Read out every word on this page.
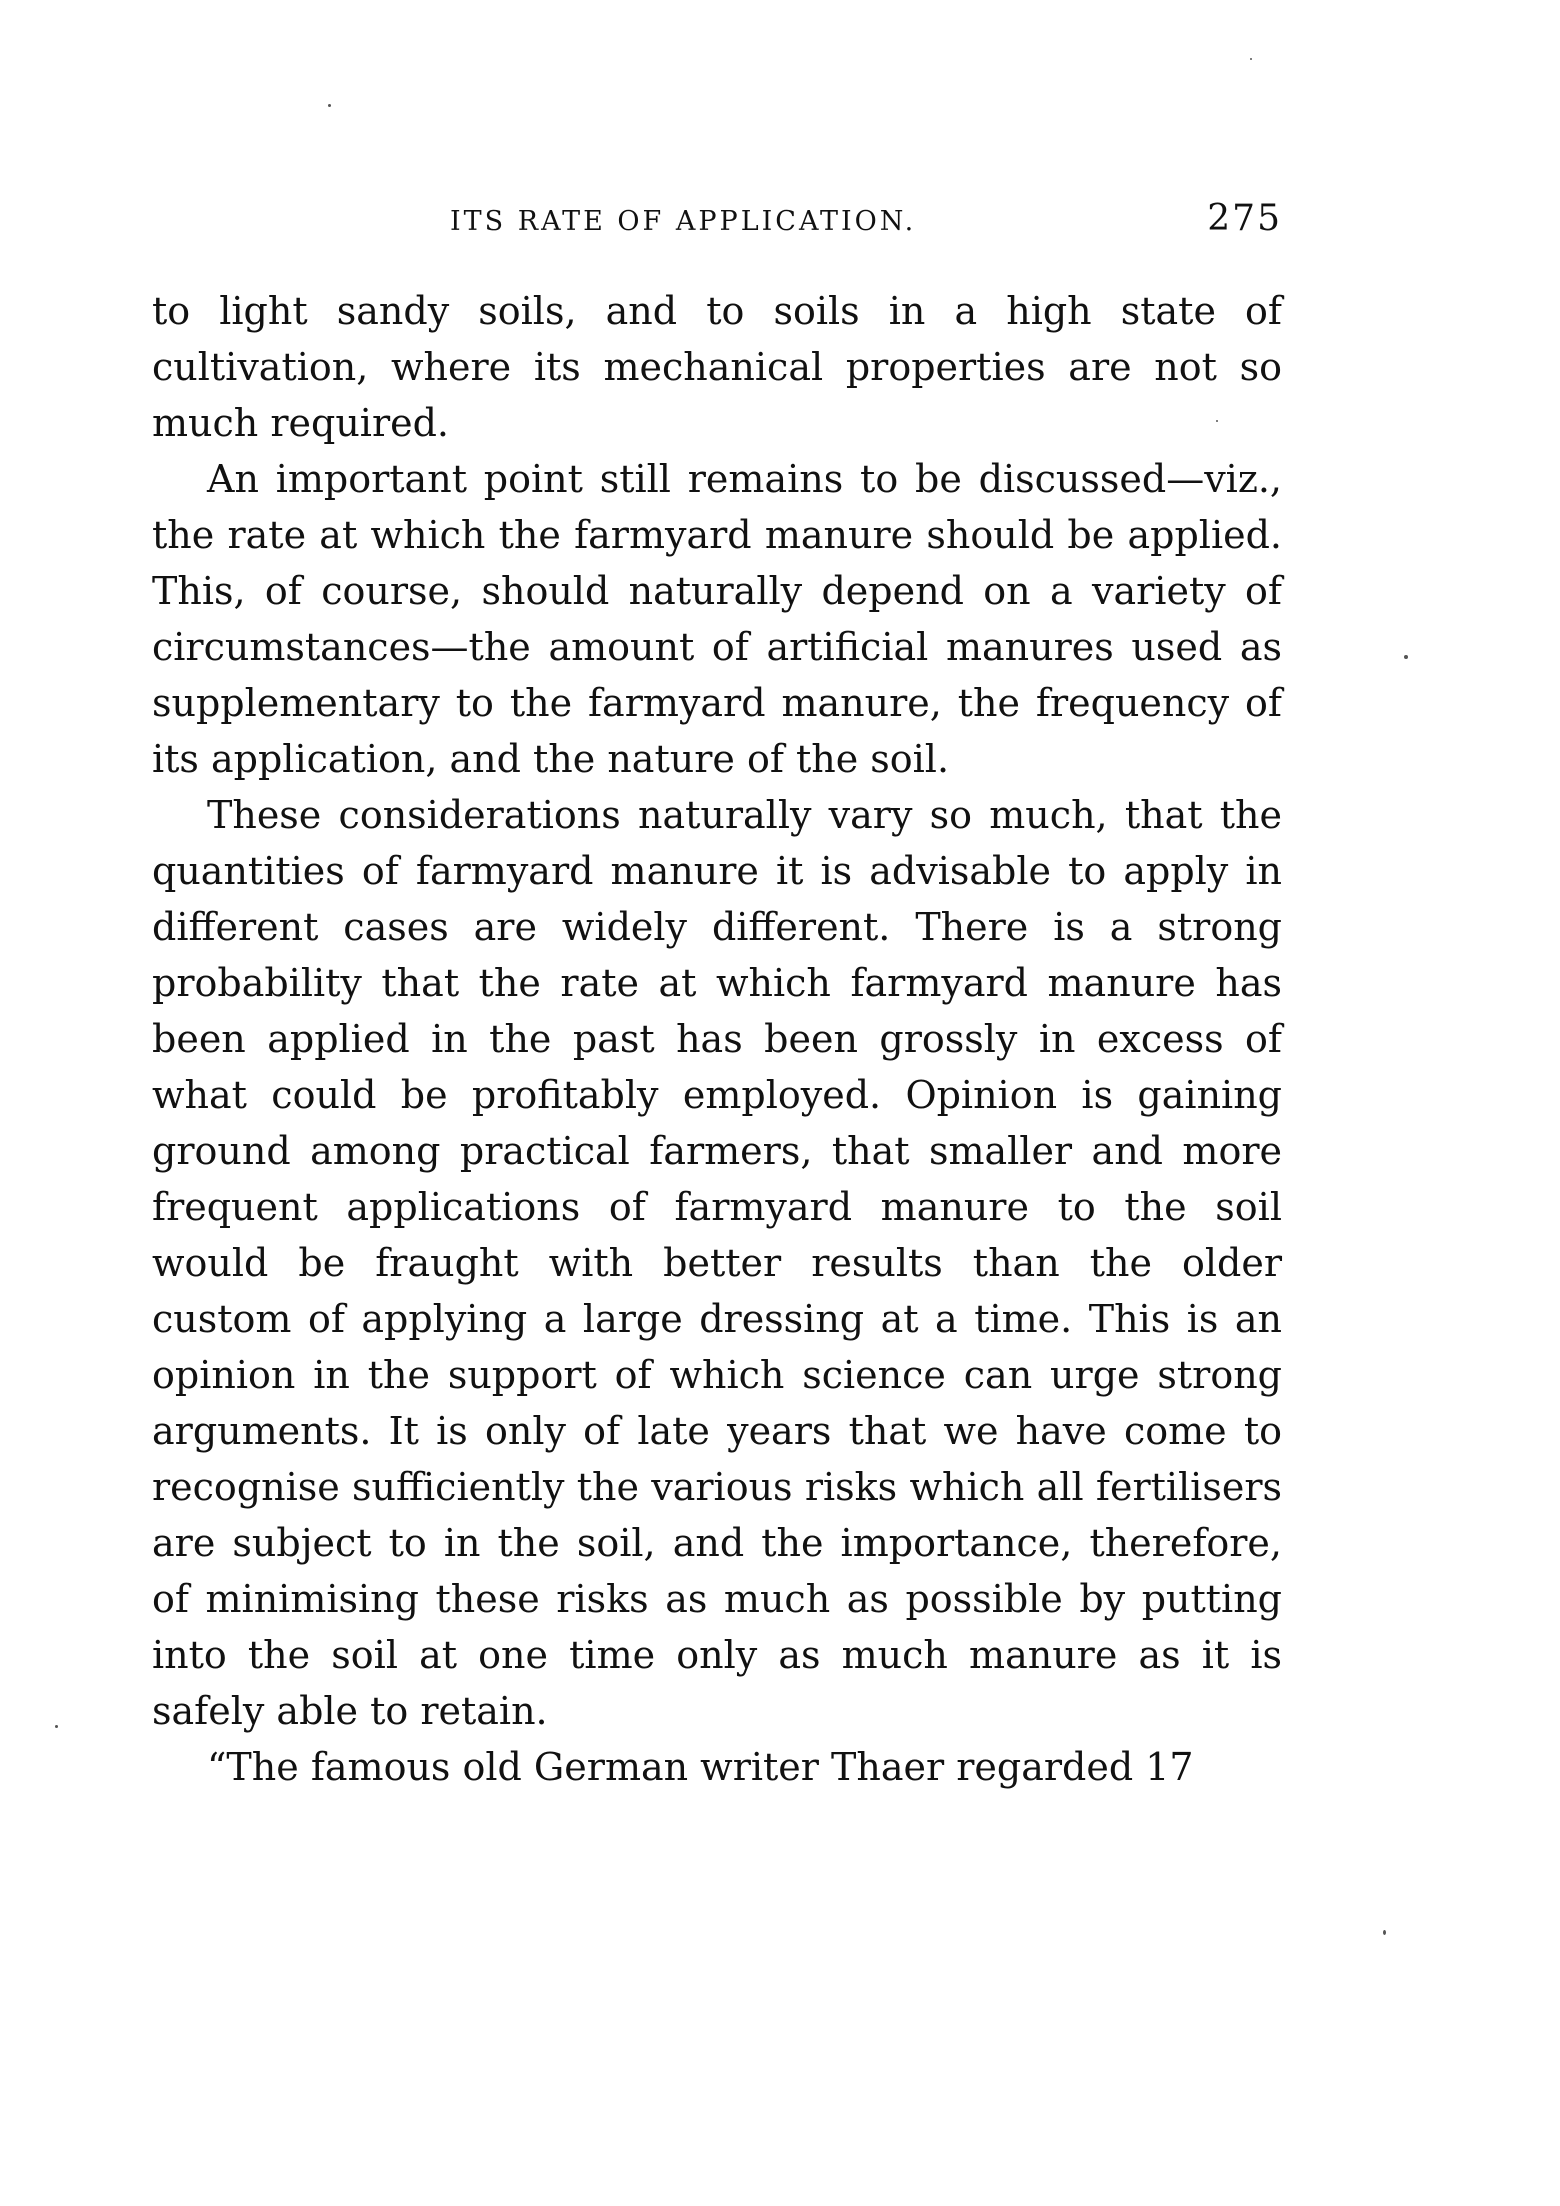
ITS RATE OF APPLICATION.	275

to light sandy soils, and to soils in a high state of cultivation, where its mechanical properties are not so much required.

An important point still remains to be discussed—viz., the rate at which the farmyard manure should be applied. This, of course, should naturally depend on a variety of circumstances—the amount of artificial manures used as supplementary to the farmyard manure, the frequency of its application, and the nature of the soil.

These considerations naturally vary so much, that the quantities of farmyard manure it is advisable to apply in different cases are widely different. There is a strong probability that the rate at which farmyard manure has been applied in the past has been grossly in excess of what could be profitably employed. Opinion is gaining ground among practical farmers, that smaller and more frequent applications of farmyard manure to the soil would be fraught with better results than the older custom of applying a large dressing at a time. This is an opinion in the support of which science can urge strong arguments. It is only of late years that we have come to recognise sufficiently the various risks which all fertilisers are subject to in the soil, and the importance, therefore, of minimising these risks as much as possible by putting into the soil at one time only as much manure as it is safely able to retain.

“The famous old German writer Thaer regarded 17
